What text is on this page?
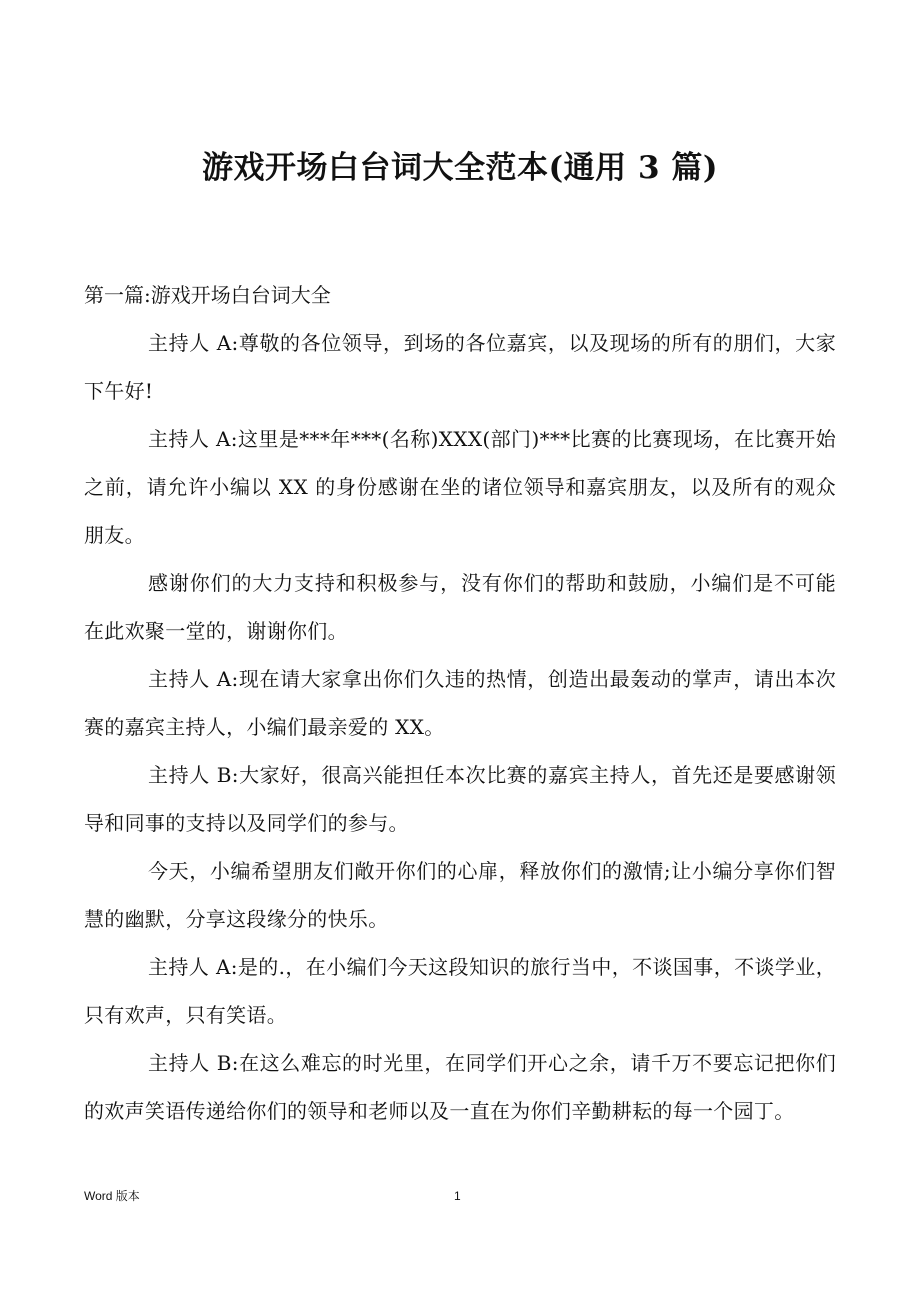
游戏开场白台词大全范本(通用 3 篇)

第一篇:游戏开场白台词大全

主持人 A:尊敬的各位领导，到场的各位嘉宾，以及现场的所有的朋们，大家下午好!

主持人 A:这里是***年***(名称)XXX(部门)***比赛的比赛现场，在比赛开始之前，请允许小编以 XX 的身份感谢在坐的诸位领导和嘉宾朋友，以及所有的观众朋友。

感谢你们的大力支持和积极参与，没有你们的帮助和鼓励，小编们是不可能在此欢聚一堂的，谢谢你们。

主持人 A:现在请大家拿出你们久违的热情，创造出最轰动的掌声，请出本次赛的嘉宾主持人，小编们最亲爱的 XX。

主持人 B:大家好，很高兴能担任本次比赛的嘉宾主持人，首先还是要感谢领导和同事的支持以及同学们的参与。

今天，小编希望朋友们敞开你们的心扉，释放你们的激情;让小编分享你们智慧的幽默，分享这段缘分的快乐。

主持人 A:是的.，在小编们今天这段知识的旅行当中，不谈国事，不谈学业，只有欢声，只有笑语。

主持人 B:在这么难忘的时光里，在同学们开心之余，请千万不要忘记把你们的欢声笑语传递给你们的领导和老师以及一直在为你们辛勤耕耘的每一个园丁。

Word 版本	1
